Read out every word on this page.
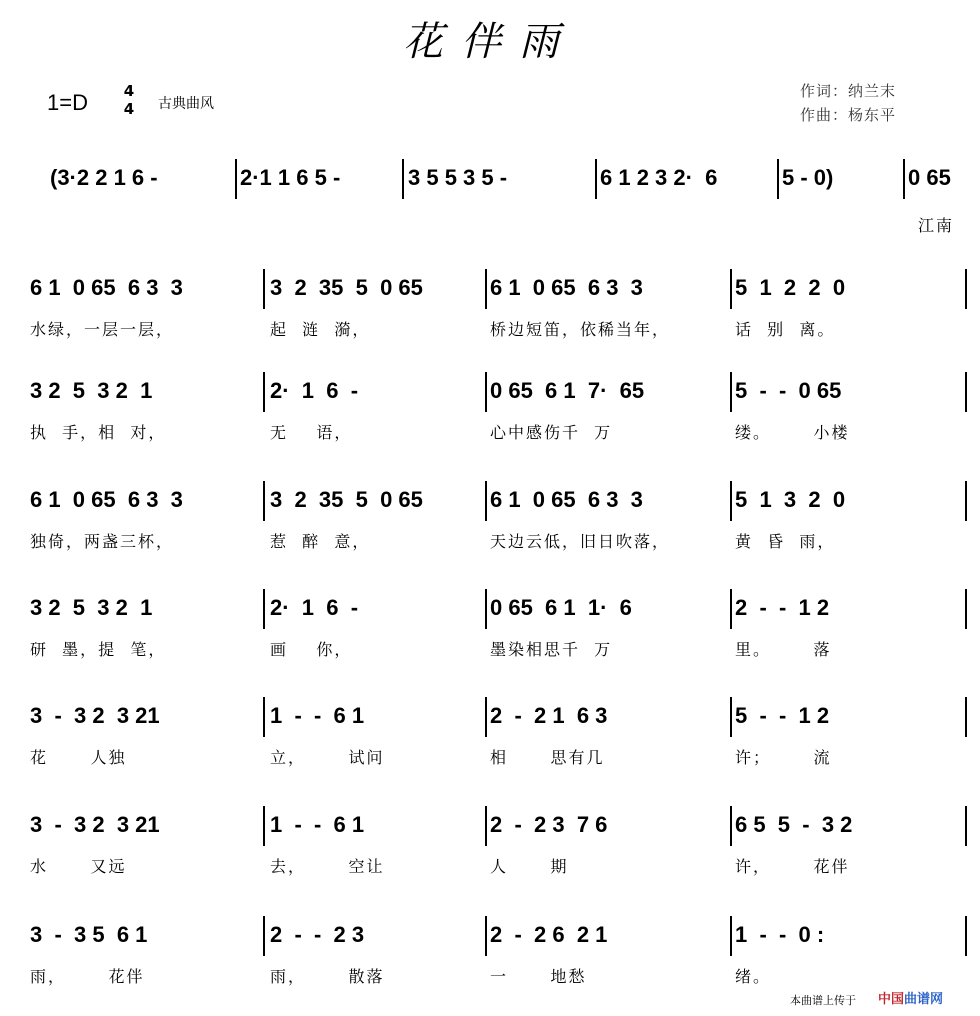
花伴雨
1=D 4
4 古典曲风
作词：纳兰末
作曲：杨东平
(3·2 2 1 6 -	2·1 1 6 5 -	3 5 5 3 5 -	6 1 2 3 2·  6	5 - 0)	0 65
江南
6 1  0 65  6 3  3	3  2  35  5  0 65	6 1  0 65  6 3  3	5  1  2  2  0
水绿，一层一层，	起  涟  漪，	桥边短笛，依稀当年，	话  别  离。
3 2  5  3 2  1	2·  1  6  -	0 65  6 1  7·  65	5  -  -  0 65
执  手，相  对，	无    语，	心中感伤千  万	缕。      小楼
6 1  0 65  6 3  3	3  2  35  5  0 65	6 1  0 65  6 3  3	5  1  3  2  0
独倚，两盏三杯，	惹  醉  意，	天边云低，旧日吹落，	黄  昏  雨，
3 2  5  3 2  1	2·  1  6  -	0 65  6 1  1·  6	2  -  -  1 2
研  墨，提  笔，	画    你，	墨染相思千  万	里。      落
3  -  3 2  3 21	1  -  -  6 1	2  -  2 1  6 3	5  -  -  1 2
花      人独	立，      试问	相      思有几	许；      流
3  -  3 2  3 21	1  -  -  6 1	2  -  2 3  7 6	6 5  5  -  3 2
水      又远	去，      空让	人      期	许，      花伴
3  -  3 5  6 1	2  -  -  2 3	2  -  2 6  2 1	1  -  -  0 :
雨，      花伴	雨，      散落	一      地愁	绪。
本曲谱上传于 中国曲谱网
